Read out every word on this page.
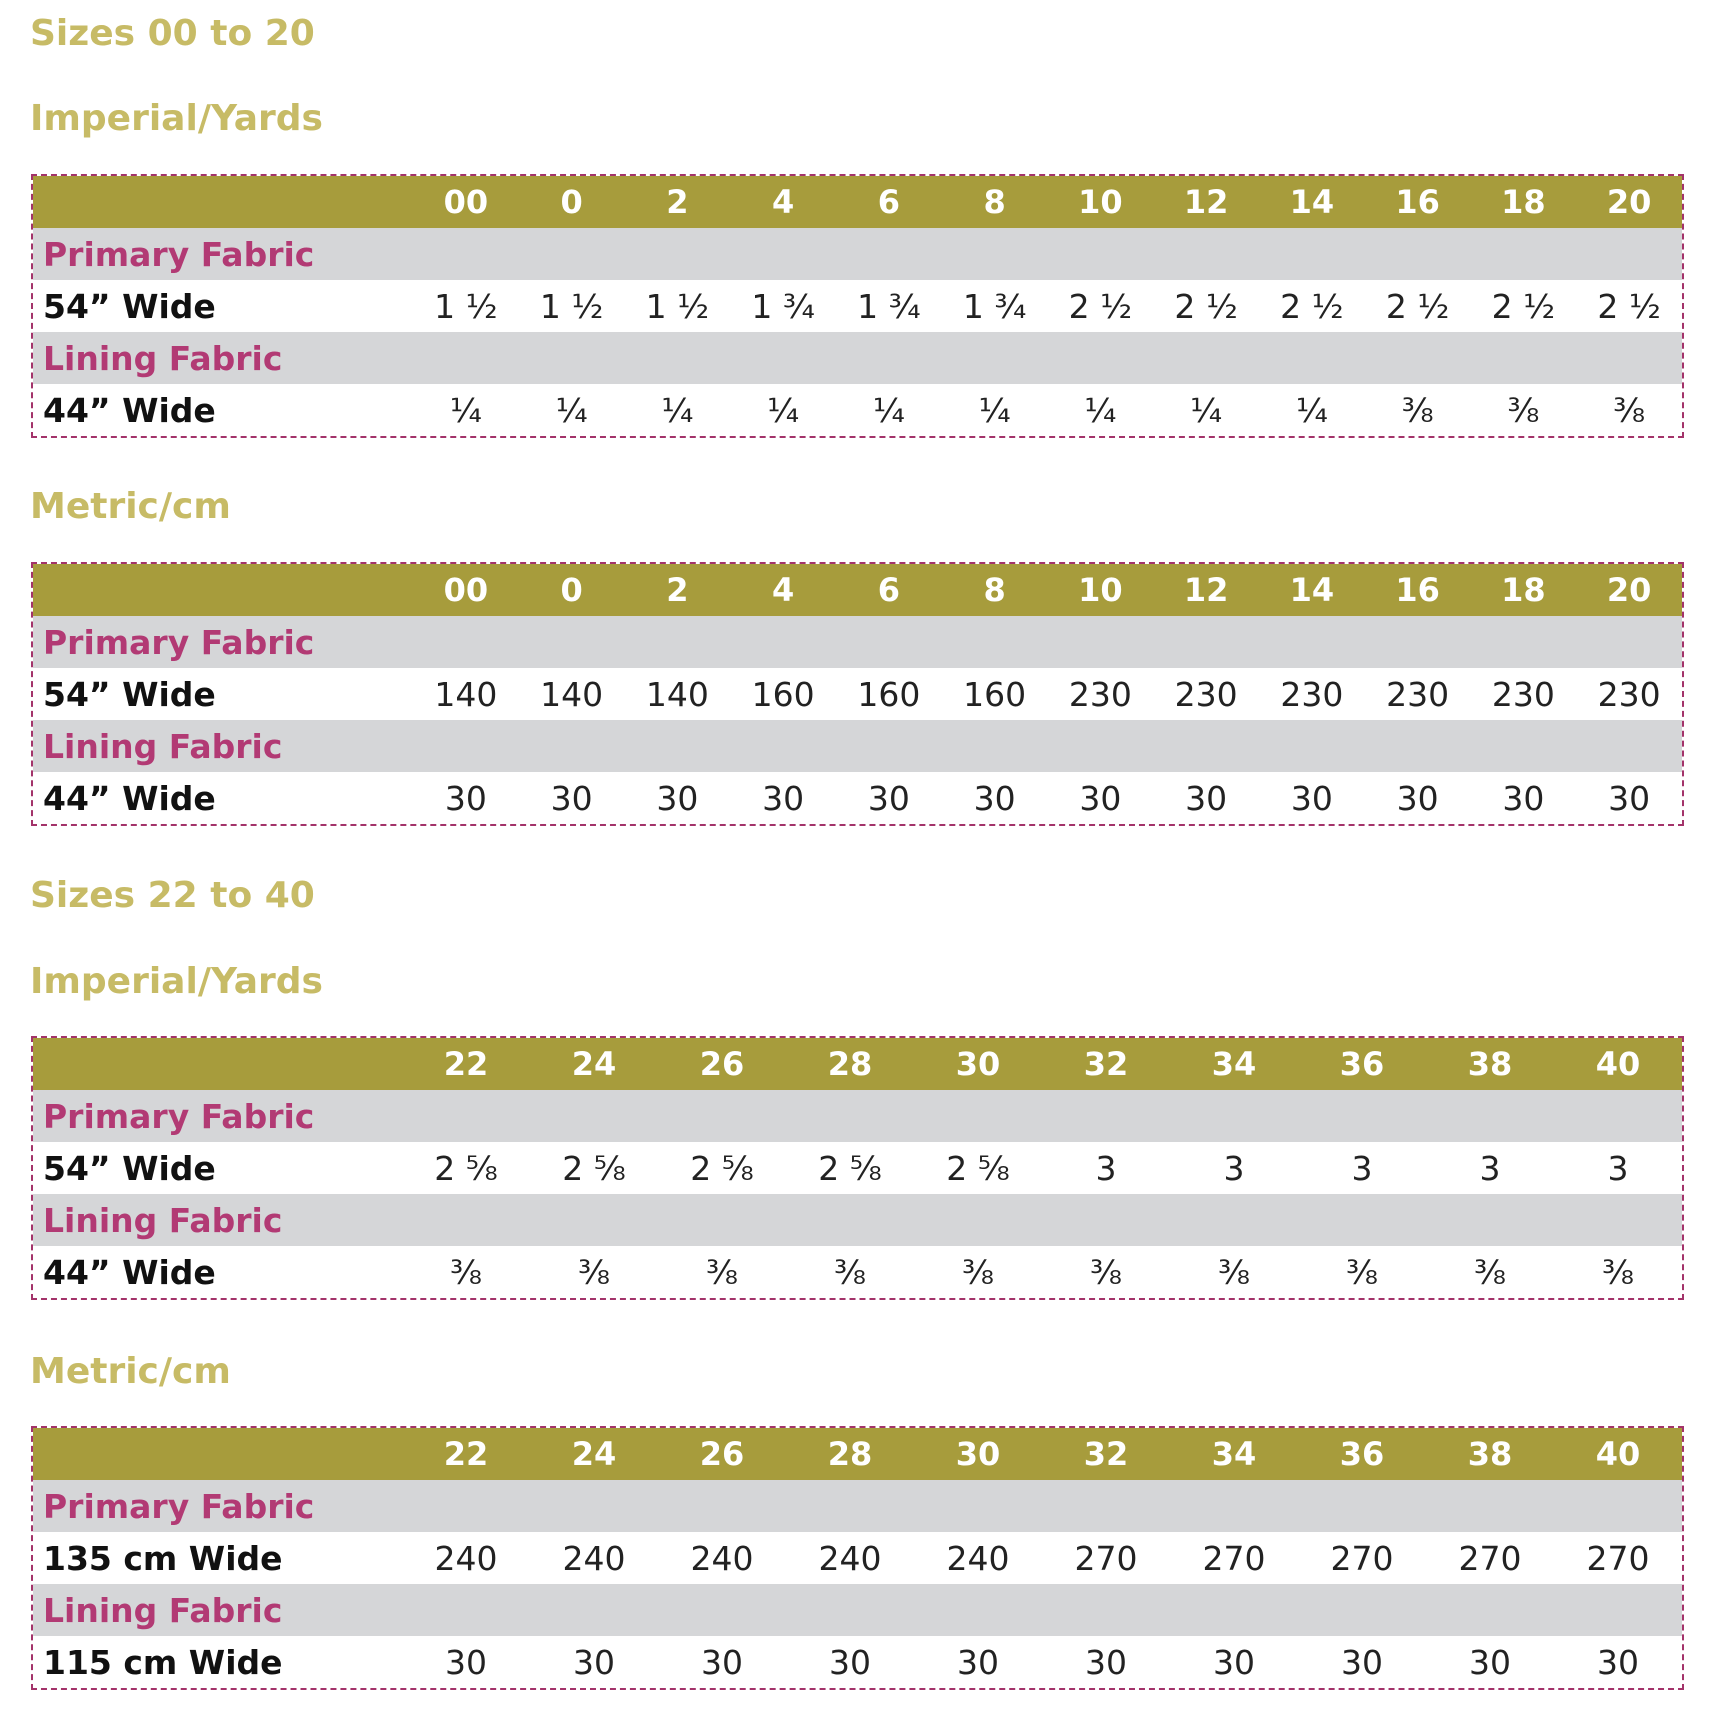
Sizes 00 to 20
Imperial/Yards
00	0	2	4	6	8	10	12	14	16	18	20
Primary Fabric
54” Wide	1 ½	1 ½	1 ½	1 ¾	1 ¾	1 ¾	2 ½	2 ½	2 ½	2 ½	2 ½	2 ½
Lining Fabric
44” Wide	¼	¼	¼	¼	¼	¼	¼	¼	¼	⅜	⅜	⅜
Metric/cm
00	0	2	4	6	8	10	12	14	16	18	20
Primary Fabric
54” Wide	140	140	140	160	160	160	230	230	230	230	230	230
Lining Fabric
44” Wide	30	30	30	30	30	30	30	30	30	30	30	30
Sizes 22 to 40
Imperial/Yards
22	24	26	28	30	32	34	36	38	40
Primary Fabric
54” Wide	2 ⅝	2 ⅝	2 ⅝	2 ⅝	2 ⅝	3	3	3	3	3
Lining Fabric
44” Wide	⅜	⅜	⅜	⅜	⅜	⅜	⅜	⅜	⅜	⅜
Metric/cm
22	24	26	28	30	32	34	36	38	40
Primary Fabric
135 cm Wide	240	240	240	240	240	270	270	270	270	270
Lining Fabric
115 cm Wide	30	30	30	30	30	30	30	30	30	30
